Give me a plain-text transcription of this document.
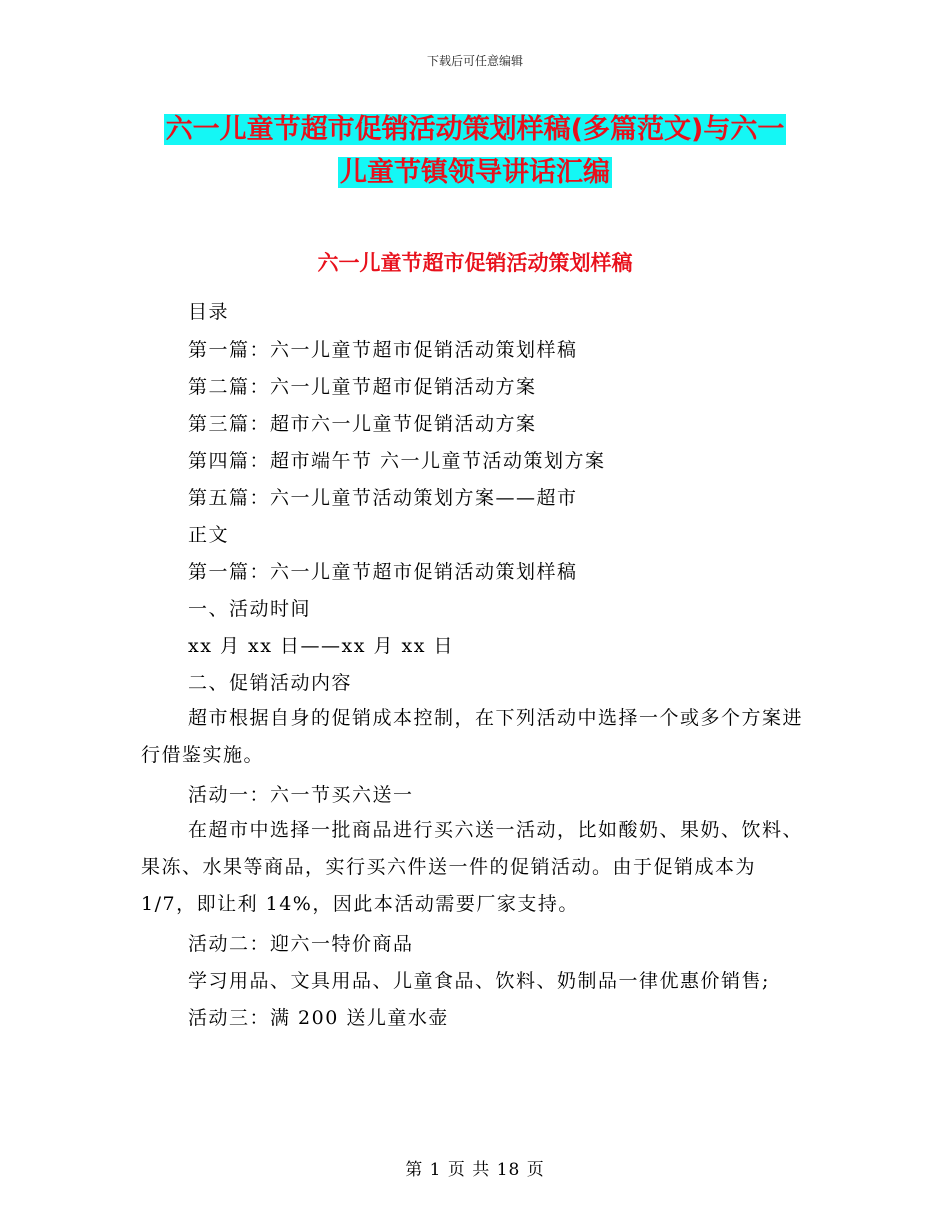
下载后可任意编辑
六一儿童节超市促销活动策划样稿(多篇范文)与六一
儿童节镇领导讲话汇编
六一儿童节超市促销活动策划样稿
目录
第一篇：六一儿童节超市促销活动策划样稿
第二篇：六一儿童节超市促销活动方案
第三篇：超市六一儿童节促销活动方案
第四篇：超市端午节 六一儿童节活动策划方案
第五篇：六一儿童节活动策划方案——超市
正文
第一篇：六一儿童节超市促销活动策划样稿
一、活动时间
xx 月 xx 日——xx 月 xx 日
二、促销活动内容
超市根据自身的促销成本控制，在下列活动中选择一个或多个方案进行借鉴实施。
活动一：六一节买六送一
在超市中选择一批商品进行买六送一活动，比如酸奶、果奶、饮料、果冻、水果等商品，实行买六件送一件的促销活动。由于促销成本为 1/7，即让利 14%，因此本活动需要厂家支持。
活动二：迎六一特价商品
学习用品、文具用品、儿童食品、饮料、奶制品一律优惠价销售;
活动三：满 200 送儿童水壶
第 1 页 共 18 页
